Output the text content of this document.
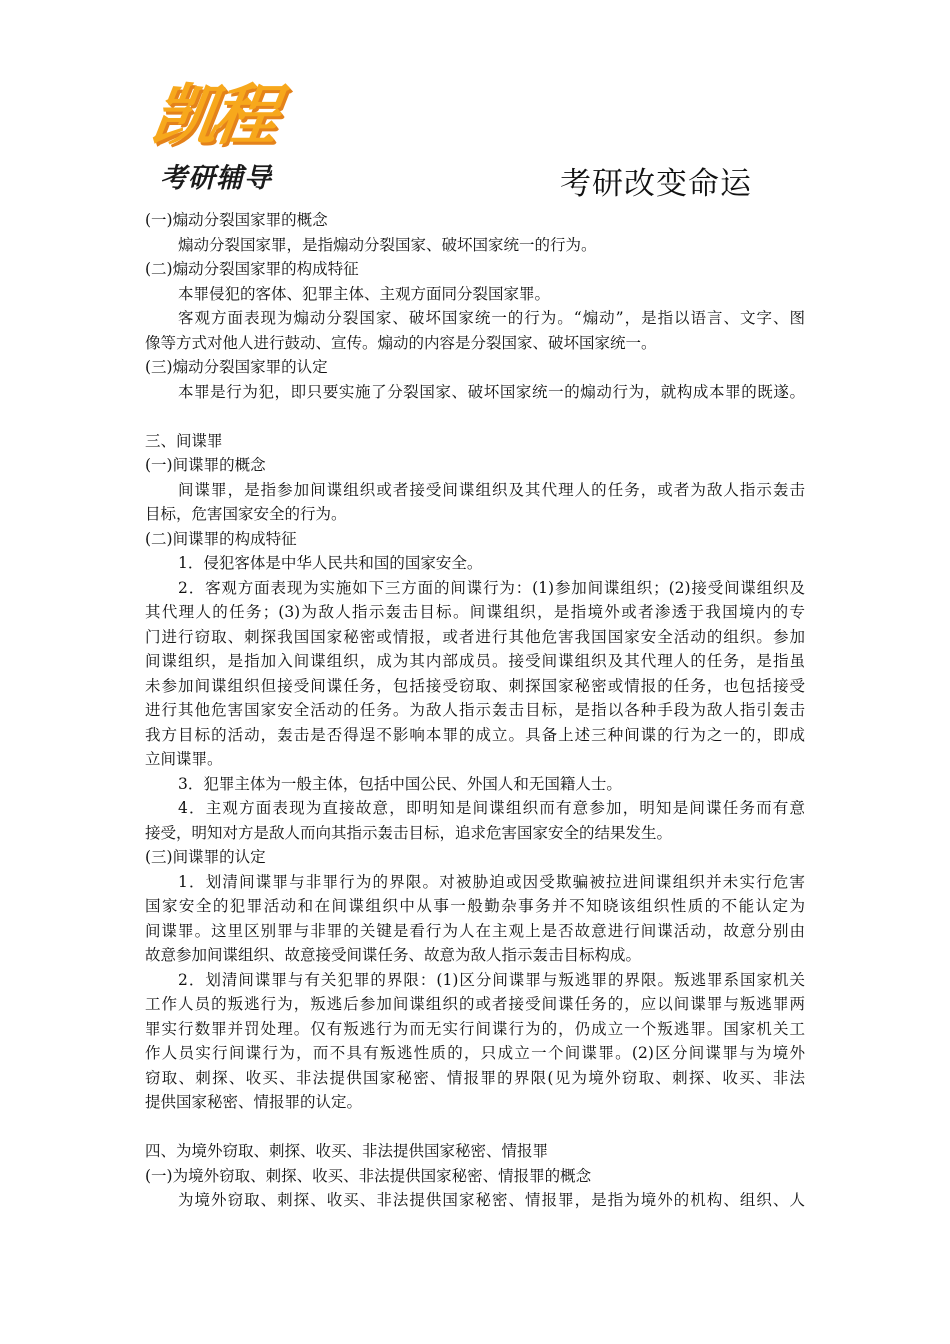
凯程
考研辅导	考研改变命运
(一)煽动分裂国家罪的概念
煽动分裂国家罪，是指煽动分裂国家、破坏国家统一的行为。
(二)煽动分裂国家罪的构成特征
本罪侵犯的客体、犯罪主体、主观方面同分裂国家罪。
客观方面表现为煽动分裂国家、破坏国家统一的行为。“煽动”，是指以语言、文字、图
像等方式对他人进行鼓动、宣传。煽动的内容是分裂国家、破坏国家统一。
(三)煽动分裂国家罪的认定
本罪是行为犯，即只要实施了分裂国家、破坏国家统一的煽动行为，就构成本罪的既遂。
三、间谍罪
(一)间谍罪的概念
间谍罪，是指参加间谍组织或者接受间谍组织及其代理人的任务，或者为敌人指示轰击
目标，危害国家安全的行为。
(二)间谍罪的构成特征
1．侵犯客体是中华人民共和国的国家安全。
2．客观方面表现为实施如下三方面的间谍行为：(1)参加间谍组织；(2)接受间谍组织及
其代理人的任务；(3)为敌人指示轰击目标。间谍组织，是指境外或者渗透于我国境内的专
门进行窃取、刺探我国国家秘密或情报，或者进行其他危害我国国家安全活动的组织。参加
间谍组织，是指加入间谍组织，成为其内部成员。接受间谍组织及其代理人的任务，是指虽
未参加间谍组织但接受间谍任务，包括接受窃取、刺探国家秘密或情报的任务，也包括接受
进行其他危害国家安全活动的任务。为敌人指示轰击目标，是指以各种手段为敌人指引轰击
我方目标的活动，轰击是否得逞不影响本罪的成立。具备上述三种间谍的行为之一的，即成
立间谍罪。
3．犯罪主体为一般主体，包括中国公民、外国人和无国籍人士。
4．主观方面表现为直接故意，即明知是间谍组织而有意参加，明知是间谍任务而有意
接受，明知对方是敌人而向其指示轰击目标，追求危害国家安全的结果发生。
(三)间谍罪的认定
1．划清间谍罪与非罪行为的界限。对被胁迫或因受欺骗被拉进间谍组织并未实行危害
国家安全的犯罪活动和在间谍组织中从事一般勤杂事务并不知晓该组织性质的不能认定为
间谍罪。这里区别罪与非罪的关键是看行为人在主观上是否故意进行间谍活动，故意分别由
故意参加间谍组织、故意接受间谍任务、故意为敌人指示轰击目标构成。
2．划清间谍罪与有关犯罪的界限：(1)区分间谍罪与叛逃罪的界限。叛逃罪系国家机关
工作人员的叛逃行为，叛逃后参加间谍组织的或者接受间谍任务的，应以间谍罪与叛逃罪两
罪实行数罪并罚处理。仅有叛逃行为而无实行间谍行为的，仍成立一个叛逃罪。国家机关工
作人员实行间谍行为，而不具有叛逃性质的，只成立一个间谍罪。(2)区分间谍罪与为境外
窃取、刺探、收买、非法提供国家秘密、情报罪的界限(见为境外窃取、刺探、收买、非法
提供国家秘密、情报罪的认定。
四、为境外窃取、刺探、收买、非法提供国家秘密、情报罪
(一)为境外窃取、刺探、收买、非法提供国家秘密、情报罪的概念
为境外窃取、刺探、收买、非法提供国家秘密、情报罪，是指为境外的机构、组织、人
